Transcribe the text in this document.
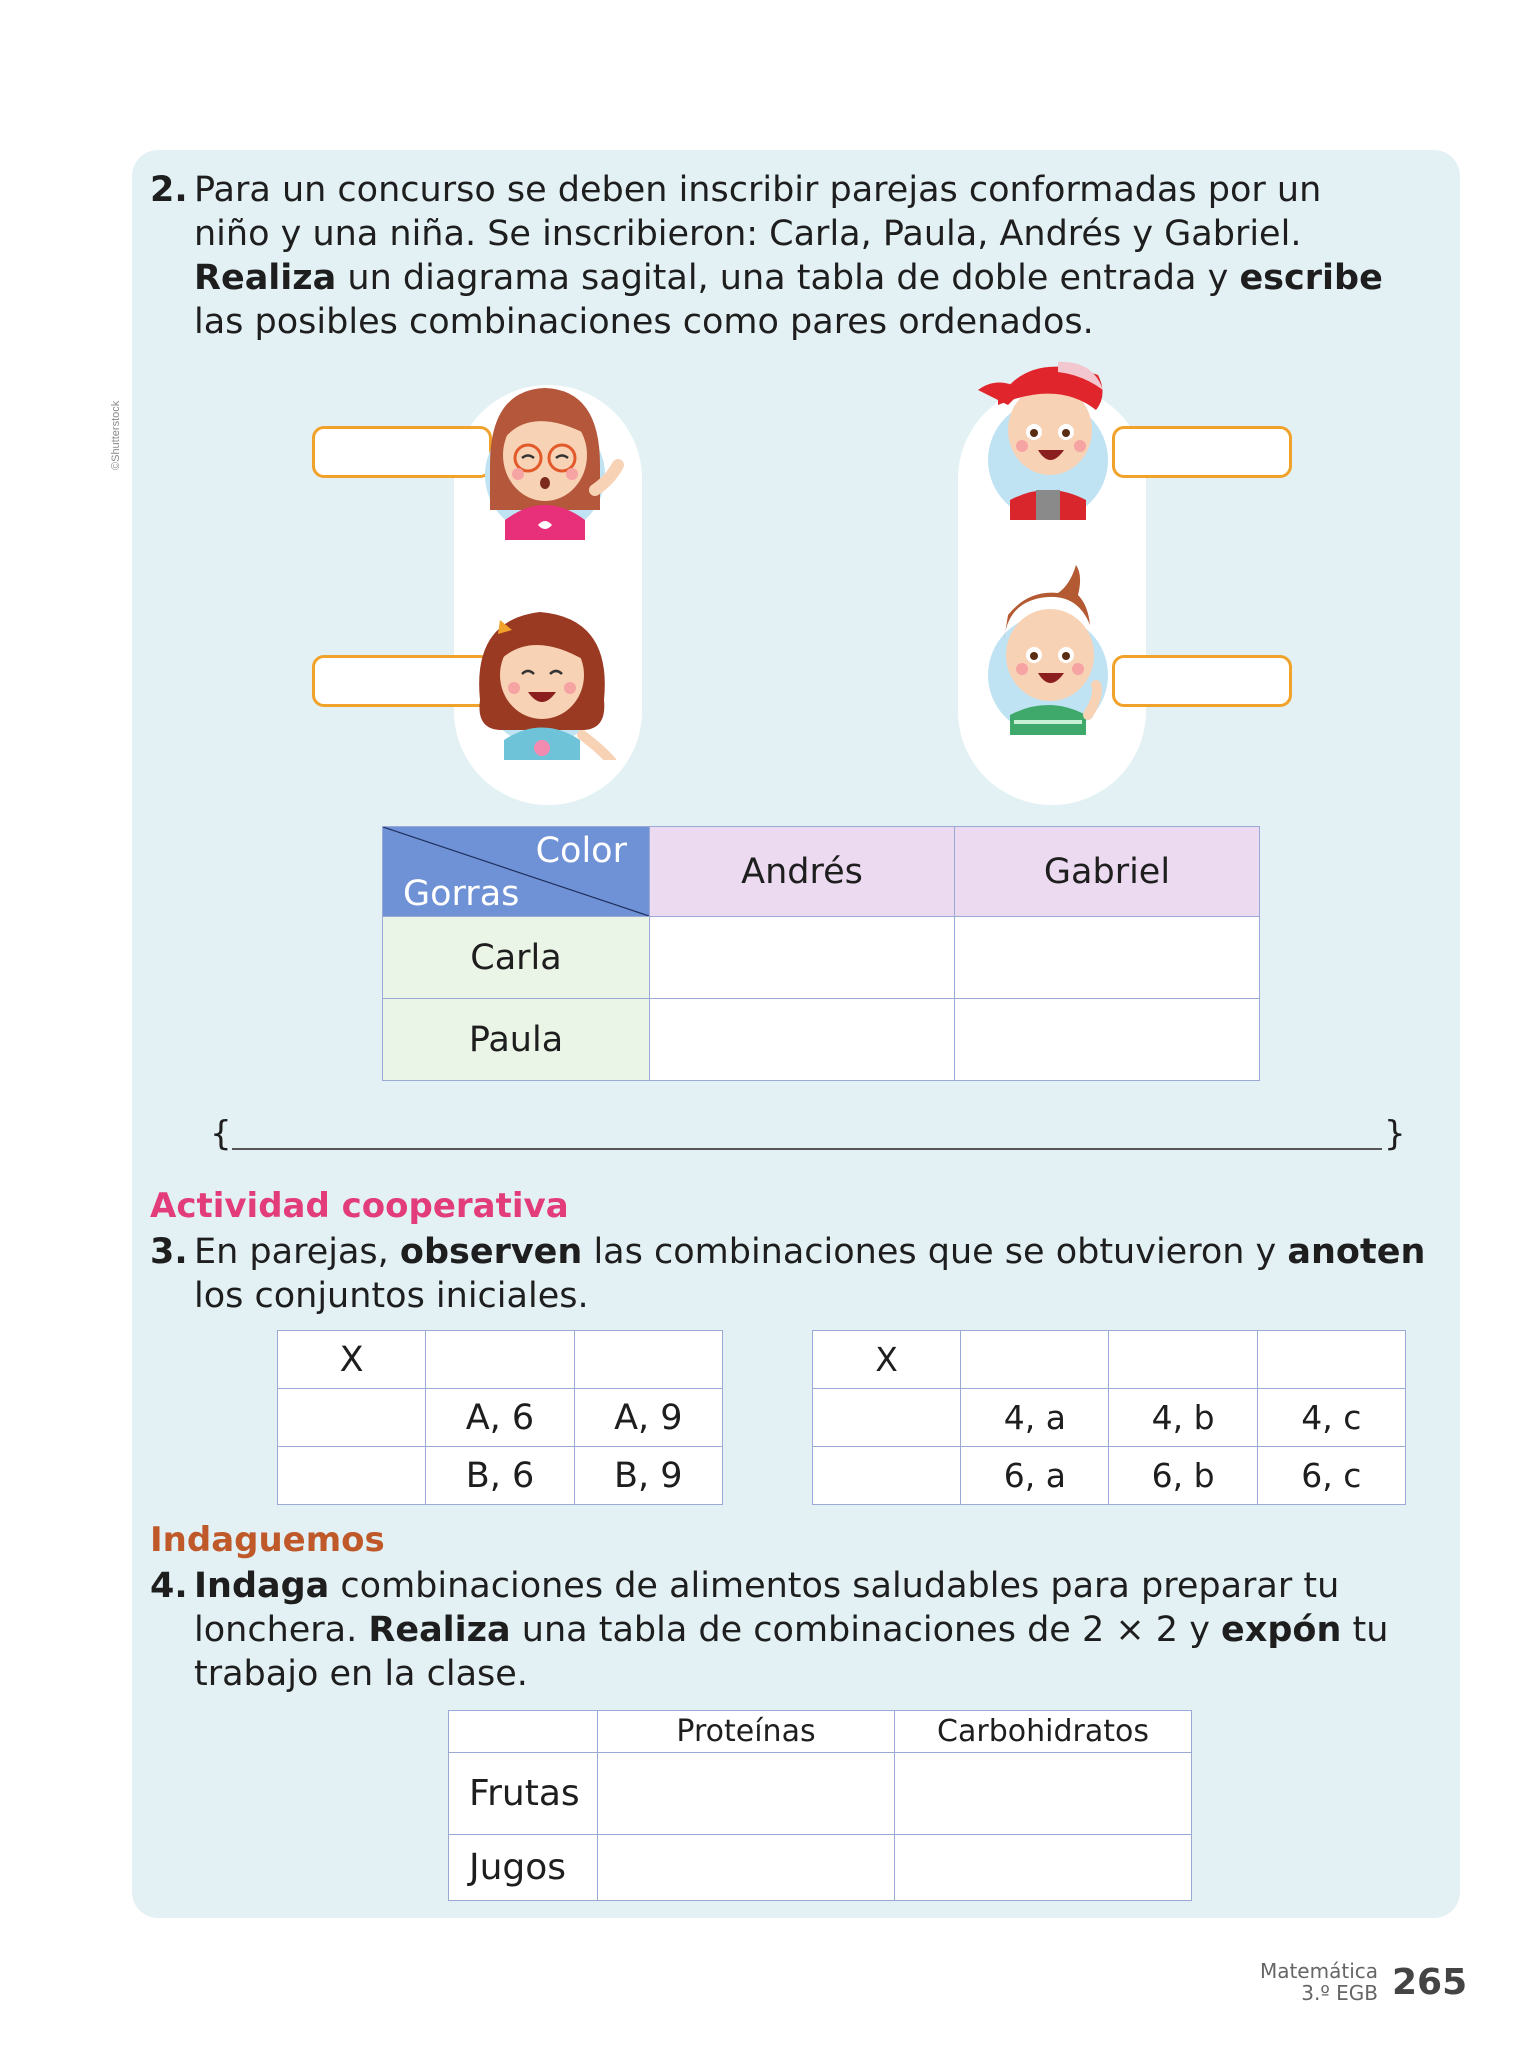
©Shutterstock
2. Para un concurso se deben inscribir parejas conformadas por un
niño y una niña. Se inscribieron: Carla, Paula, Andrés y Gabriel.
Realiza un diagrama sagital, una tabla de doble entrada y escribe
las posibles combinaciones como pares ordenados.
Color
Gorras	Andrés	Gabriel
Carla		
Paula		
{	}
Actividad cooperativa
3. En parejas, observen las combinaciones que se obtuvieron y anoten
los conjuntos iniciales.
X		
	A, 6	A, 9
	B, 6	B, 9
X			
	4, a	4, b	4, c
	6, a	6, b	6, c
Indaguemos
4. Indaga combinaciones de alimentos saludables para preparar tu
lonchera. Realiza una tabla de combinaciones de 2 × 2 y expón tu
trabajo en la clase.
	Proteínas	Carbohidratos
Frutas		
Jugos		
Matemática
3.º EGB 265
